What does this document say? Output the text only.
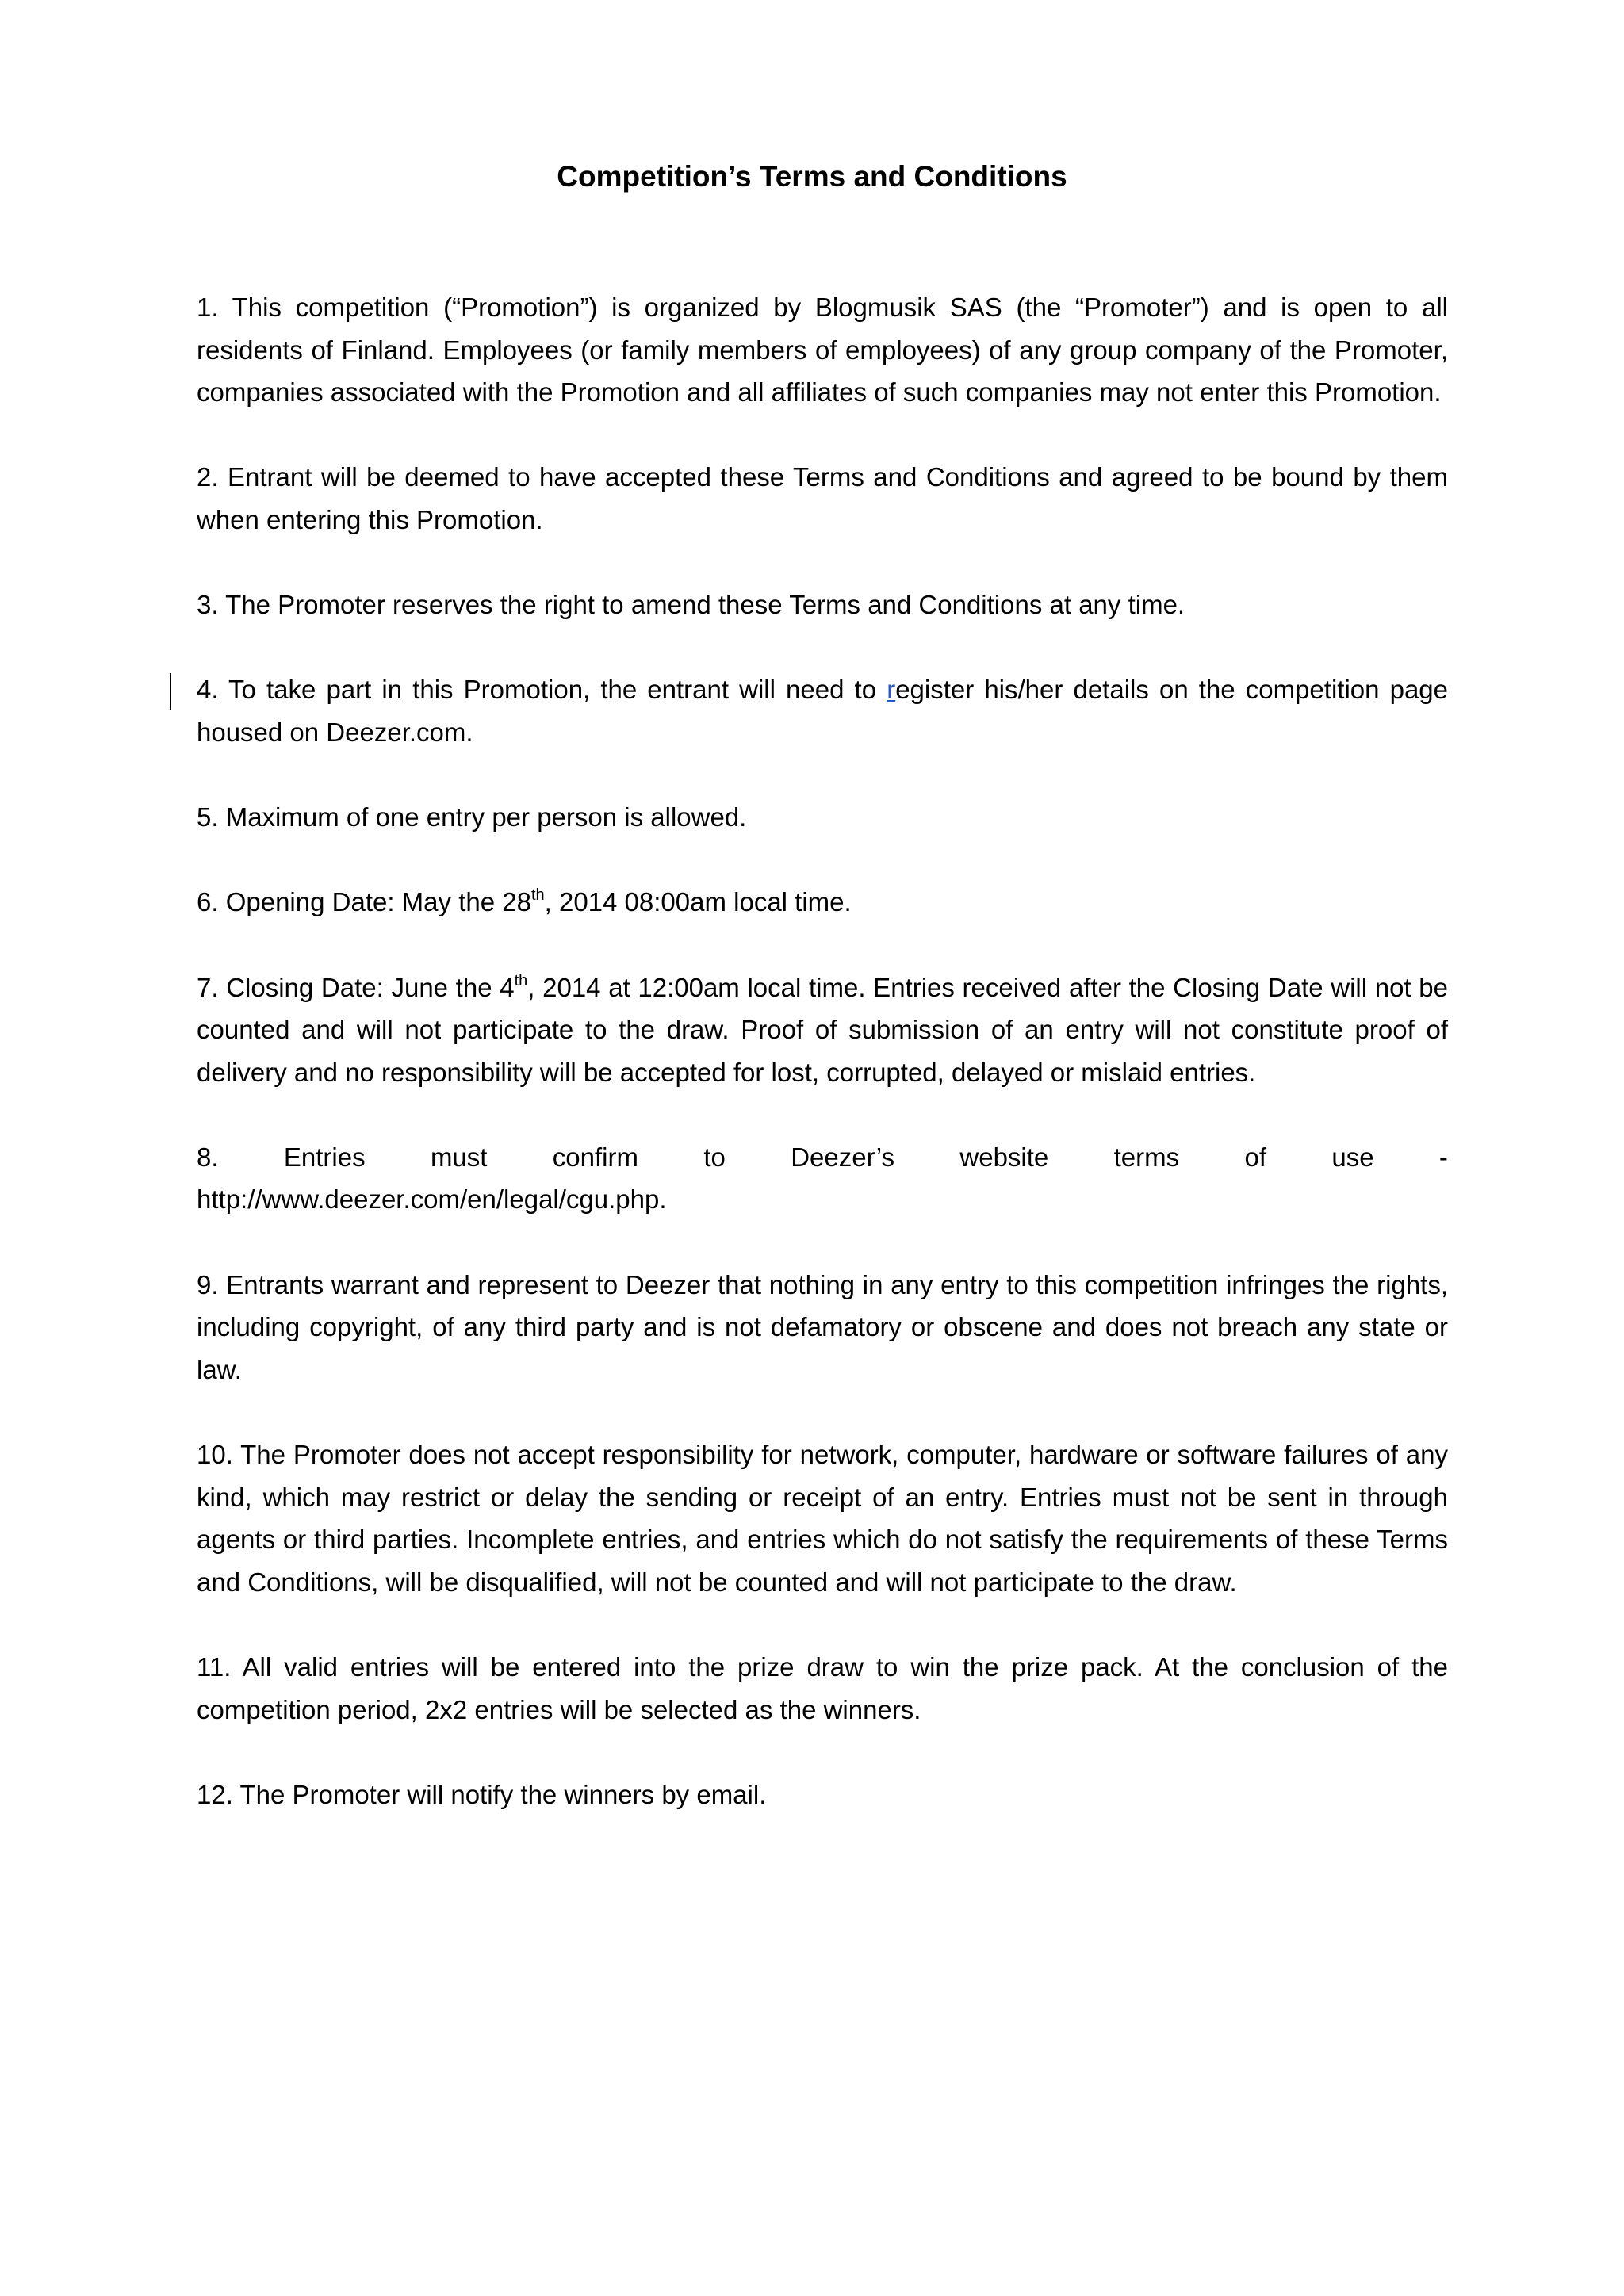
Competition’s Terms and Conditions

1. This competition (“Promotion”) is organized by Blogmusik SAS (the “Promoter”) and is open to all residents of Finland. Employees (or family members of employees) of any group company of the Promoter, companies associated with the Promotion and all affiliates of such companies may not enter this Promotion.

2. Entrant will be deemed to have accepted these Terms and Conditions and agreed to be bound by them when entering this Promotion.

3. The Promoter reserves the right to amend these Terms and Conditions at any time.

4. To take part in this Promotion, the entrant will need to register his/her details on the competition page housed on Deezer.com.

5. Maximum of one entry per person is allowed.

6. Opening Date: May the 28th, 2014 08:00am local time.

7. Closing Date: June the 4th, 2014 at 12:00am local time. Entries received after the Closing Date will not be counted and will not participate to the draw. Proof of submission of an entry will not constitute proof of delivery and no responsibility will be accepted for lost, corrupted, delayed or mislaid entries.

8. Entries must confirm to Deezer’s website terms of use -
http://www.deezer.com/en/legal/cgu.php.

9. Entrants warrant and represent to Deezer that nothing in any entry to this competition infringes the rights, including copyright, of any third party and is not defamatory or obscene and does not breach any state or law.

10. The Promoter does not accept responsibility for network, computer, hardware or software failures of any kind, which may restrict or delay the sending or receipt of an entry. Entries must not be sent in through agents or third parties. Incomplete entries, and entries which do not satisfy the requirements of these Terms and Conditions, will be disqualified, will not be counted and will not participate to the draw.

11. All valid entries will be entered into the prize draw to win the prize pack. At the conclusion of the competition period, 2x2 entries will be selected as the winners.

12. The Promoter will notify the winners by email.
